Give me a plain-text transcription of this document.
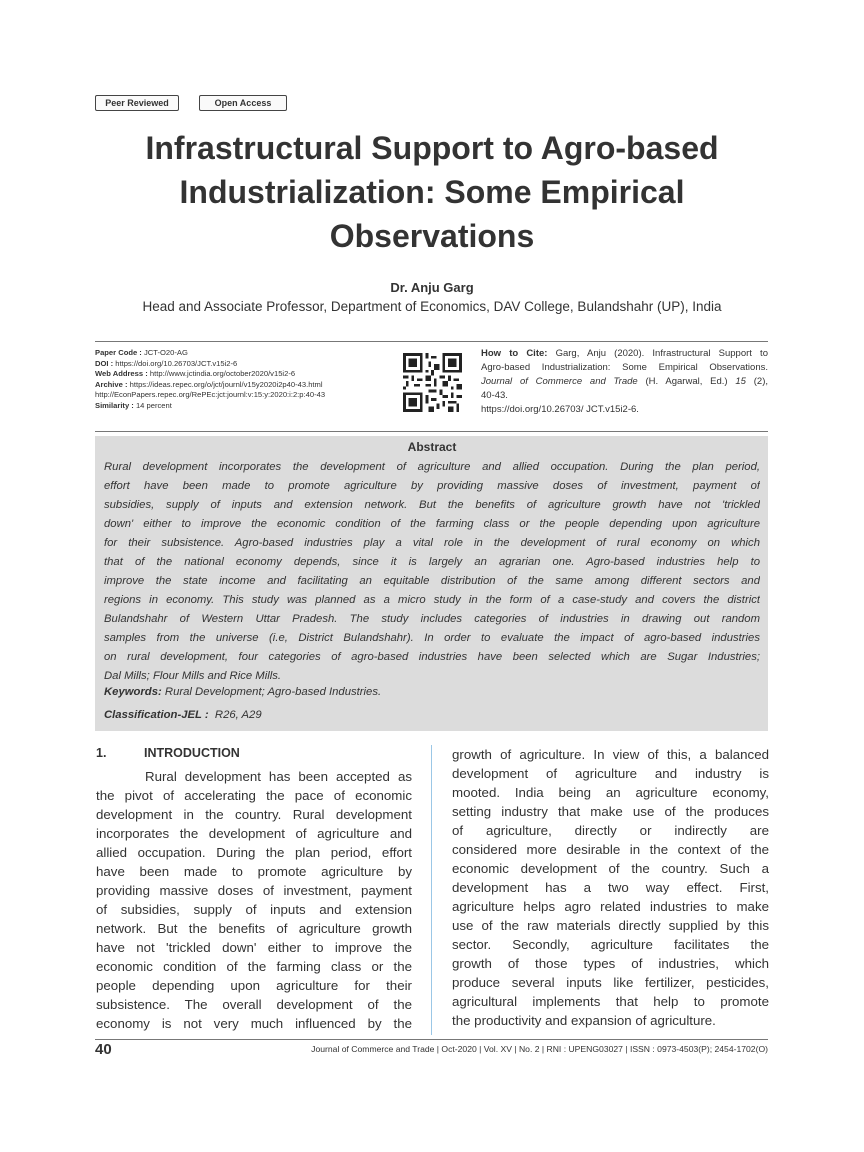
Peer Reviewed	Open Access
Infrastructural Support to Agro-based
Industrialization: Some Empirical
Observations
Dr. Anju Garg
Head and Associate Professor, Department of Economics, DAV College, Bulandshahr (UP), India
Paper Code : JCT-O20-AG
DOI : https://doi.org/10.26703/JCT.v15i2-6
Web Address : http://www.jctindia.org/october2020/v15i2-6
Archive : https://ideas.repec.org/o/jct/journl/v15y2020i2p40-43.html
http://EconPapers.repec.org/RePEc:jct:journl:v:15:y:2020:i:2:p:40-43
Similarity : 14 percent
How to Cite: Garg, Anju (2020). Infrastructural Support to
Agro-based Industrialization: Some Empirical Observations.
Journal of Commerce and Trade (H. Agarwal, Ed.) 15 (2),
40-43.
https://doi.org/10.26703/ JCT.v15i2-6.
Abstract
Rural development incorporates the development of agriculture and allied occupation. During the plan period,
effort have been made to promote agriculture by providing massive doses of investment, payment of
subsidies, supply of inputs and extension network. But the benefits of agriculture growth have not 'trickled
down' either to improve the economic condition of the farming class or the people depending upon agriculture
for their subsistence. Agro-based industries play a vital role in the development of rural economy on which
that of the national economy depends, since it is largely an agrarian one. Agro-based industries help to
improve the state income and facilitating an equitable distribution of the same among different sectors and
regions in economy. This study was planned as a micro study in the form of a case-study and covers the district
Bulandshahr of Western Uttar Pradesh. The study includes categories of industries in drawing out random
samples from the universe (i.e, District Bulandshahr). In order to evaluate the impact of agro-based industries
on rural development, four categories of agro-based industries have been selected which are Sugar Industries;
Dal Mills; Flour Mills and Rice Mills.
Keywords: Rural Development; Agro-based Industries.
Classification-JEL : R26, A29
1.	INTRODUCTION
Rural development has been accepted as
the pivot of accelerating the pace of economic
development in the country. Rural development
incorporates the development of agriculture and
allied occupation. During the plan period, effort
have been made to promote agriculture by
providing massive doses of investment, payment
of subsidies, supply of inputs and extension
network. But the benefits of agriculture growth
have not 'trickled down' either to improve the
economic condition of the farming class or the
people depending upon agriculture for their
subsistence. The overall development of the
economy is not very much influenced by the
growth of agriculture. In view of this, a balanced
development of agriculture and industry is
mooted. India being an agriculture economy,
setting industry that make use of the produces
of agriculture, directly or indirectly are
considered more desirable in the context of the
economic development of the country. Such a
development has a two way effect. First,
agriculture helps agro related industries to make
use of the raw materials directly supplied by this
sector. Secondly, agriculture facilitates the
growth of those types of industries, which
produce several inputs like fertilizer, pesticides,
agricultural implements that help to promote
the productivity and expansion of agriculture.
40	Journal of Commerce and Trade | Oct-2020 | Vol. XV | No. 2 | RNI : UPENG03027 | ISSN : 0973-4503(P); 2454-1702(O)
